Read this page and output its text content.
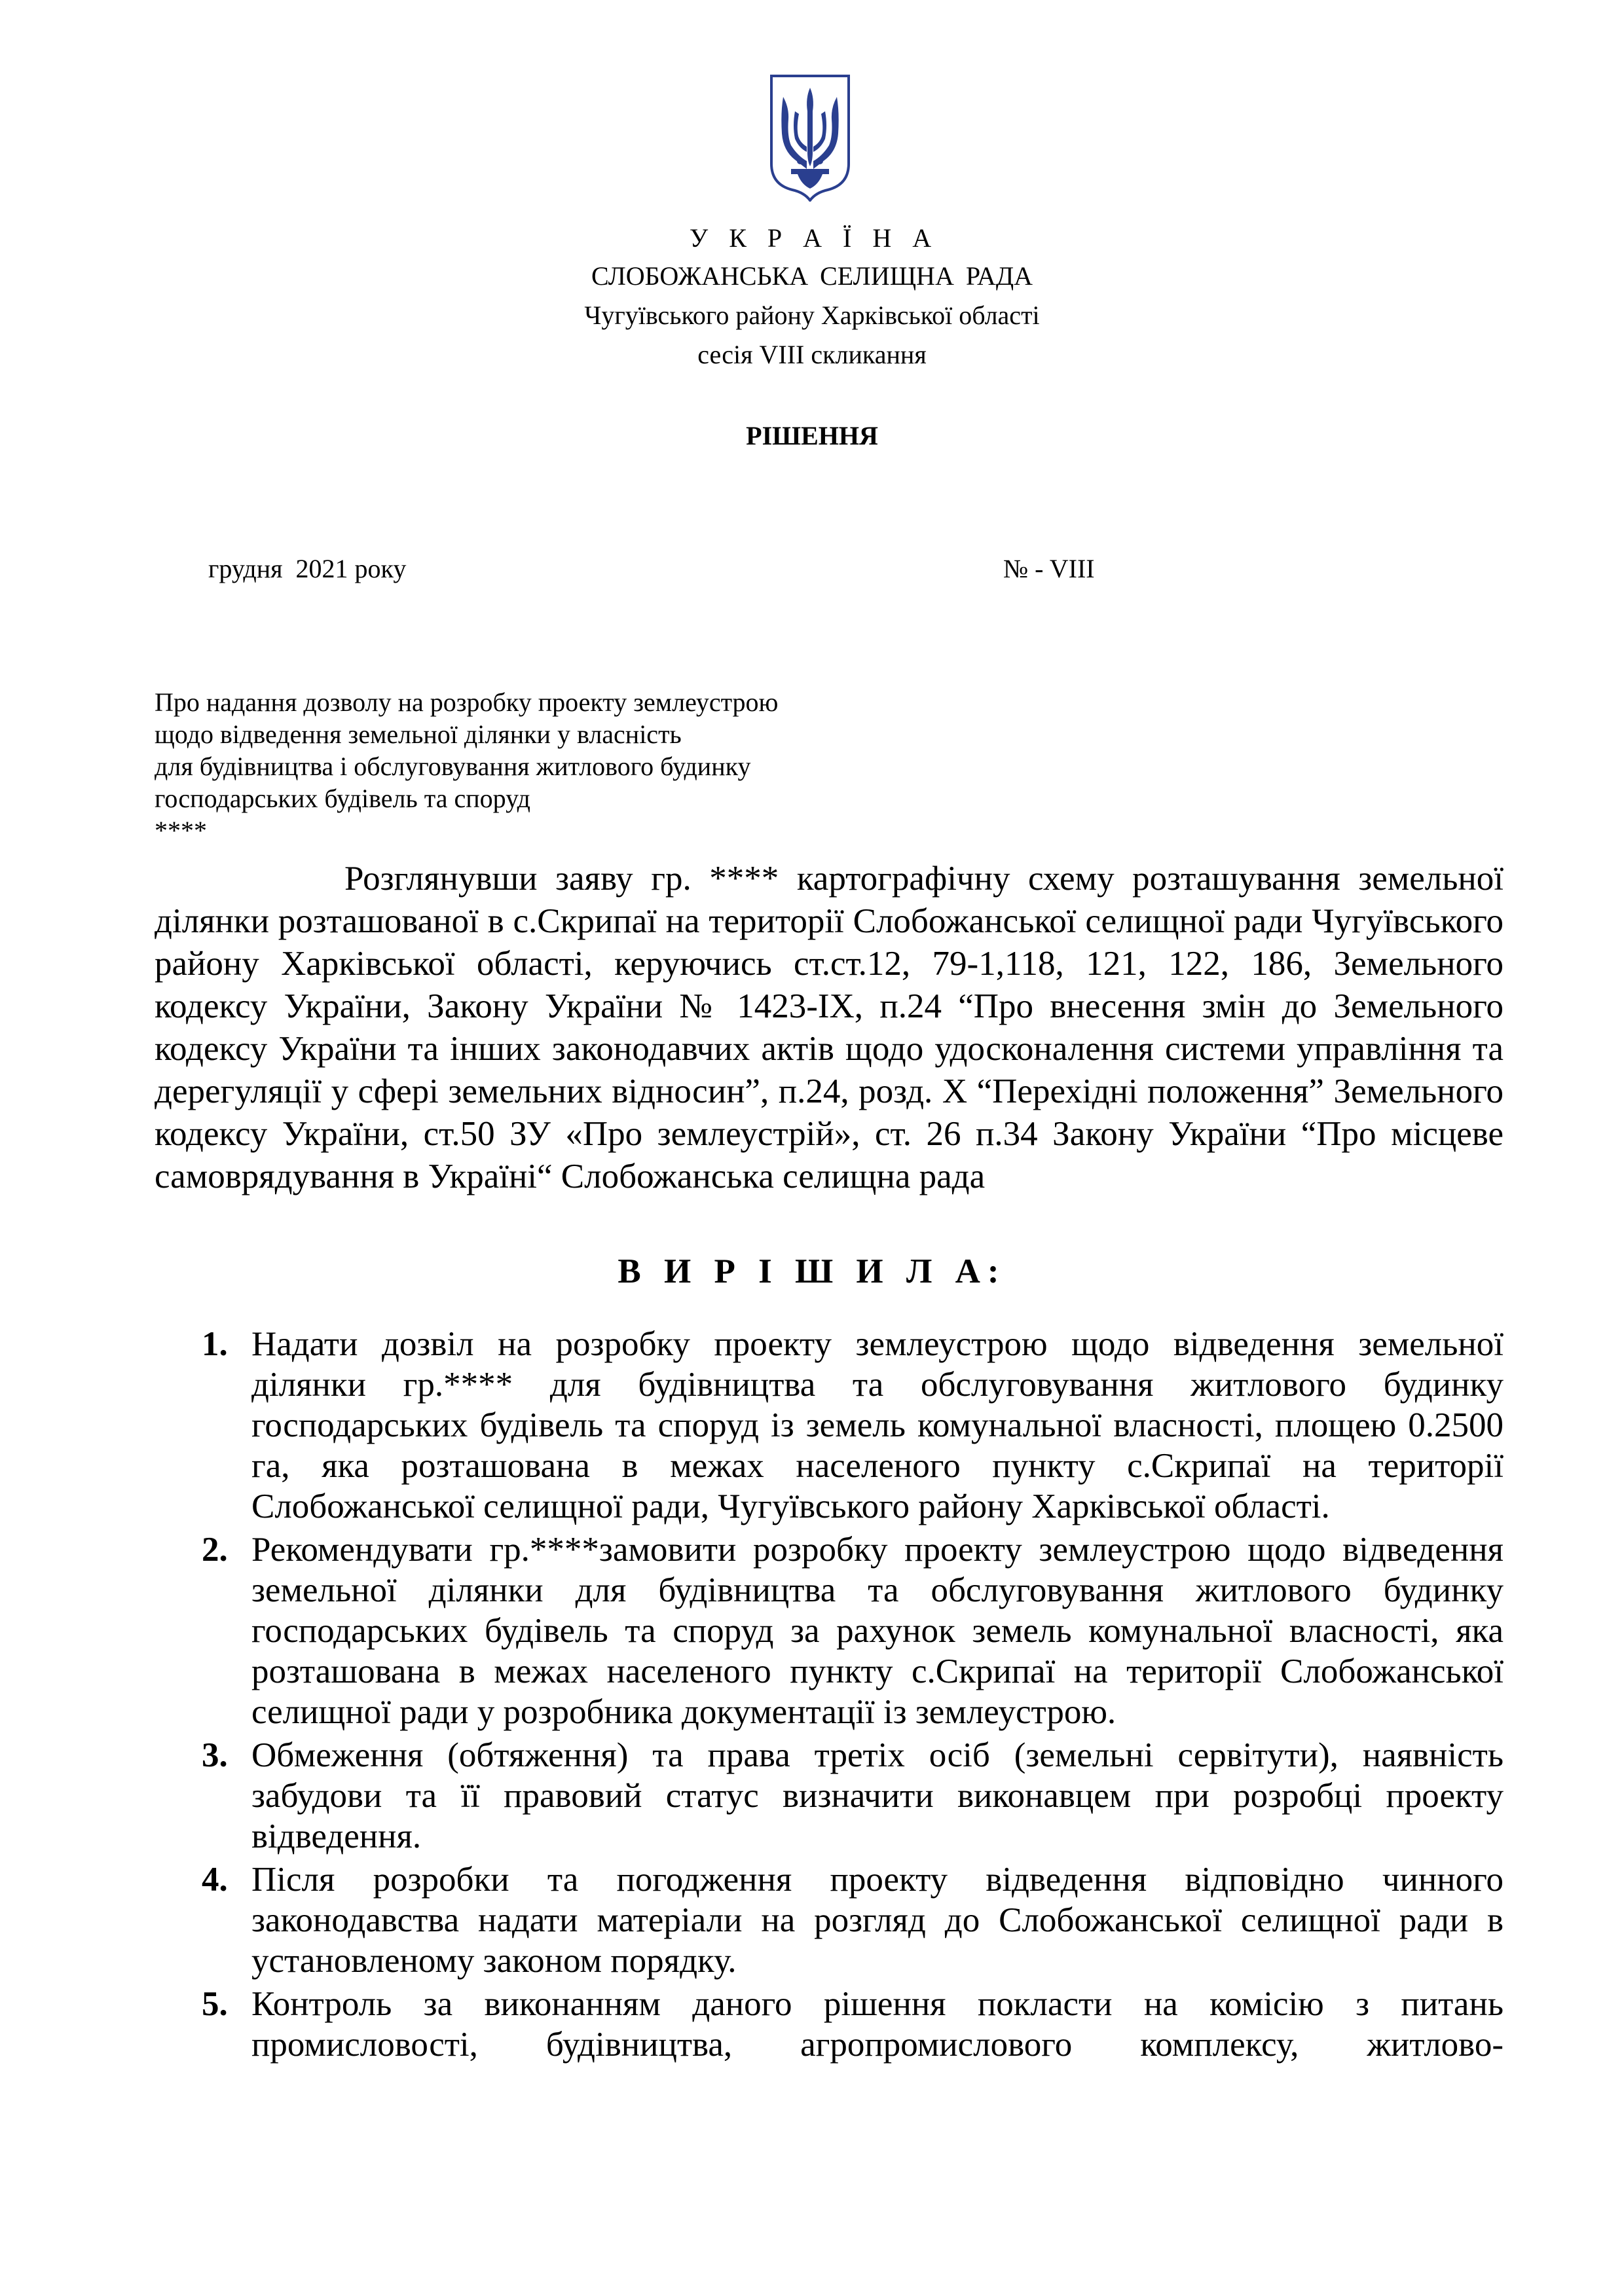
У К Р А Ї Н А
СЛОБОЖАНСЬКА СЕЛИЩНА РАДА
Чугуївського району Харківської області
сесія VIII скликання
РІШЕННЯ
грудня  2021 року	№ - VIII
Про надання дозволу на розробку проекту землеустрою
щодо відведення земельної ділянки у власність
для будівництва і обслуговування житлового будинку
господарських будівель та споруд
****

Розглянувши заяву гр. **** картографічну схему розташування земельної ділянки розташованої в с.Скрипаї на території Слобожанської селищної ради Чугуївського району Харківської області, керуючись ст.ст.12, 79-1,118, 121, 122, 186, Земельного кодексу України, Закону України № 1423-IX, п.24 “Про внесення змін до Земельного кодексу України та інших законодавчих актів щодо удосконалення системи управління та дерегуляції у сфері земельних відносин”, п.24, розд. Х “Перехідні положення” Земельного кодексу України, ст.50 ЗУ «Про землеустрій», ст. 26 п.34 Закону України “Про місцеве самоврядування в Україні“ Слобожанська селищна рада

В И Р І Ш И Л А:
1. Надати дозвіл на розробку проекту землеустрою щодо відведення земельної ділянки гр.**** для будівництва та обслуговування житлового будинку господарських будівель та споруд із земель комунальної власності, площею 0.2500 га, яка розташована в межах населеного пункту с.Скрипаї на території Слобожанської селищної ради, Чугуївського району Харківської області.
2. Рекомендувати гр.****замовити розробку проекту землеустрою щодо відведення земельної ділянки для будівництва та обслуговування житлового будинку господарських будівель та споруд за рахунок земель комунальної власності, яка розташована в межах населеного пункту с.Скрипаї на території Слобожанської селищної ради у розробника документації із землеустрою.
3. Обмеження (обтяження) та права третіх осіб (земельні сервітути), наявність забудови та її правовий статус визначити виконавцем при розробці проекту відведення.
4. Після розробки та погодження проекту відведення відповідно чинного законодавства надати матеріали на розгляд до Слобожанської селищної ради в установленому законом порядку.
5. Контроль за виконанням даного рішення покласти на комісію з питань промисловості, будівництва, агропромислового комплексу, житлово-
